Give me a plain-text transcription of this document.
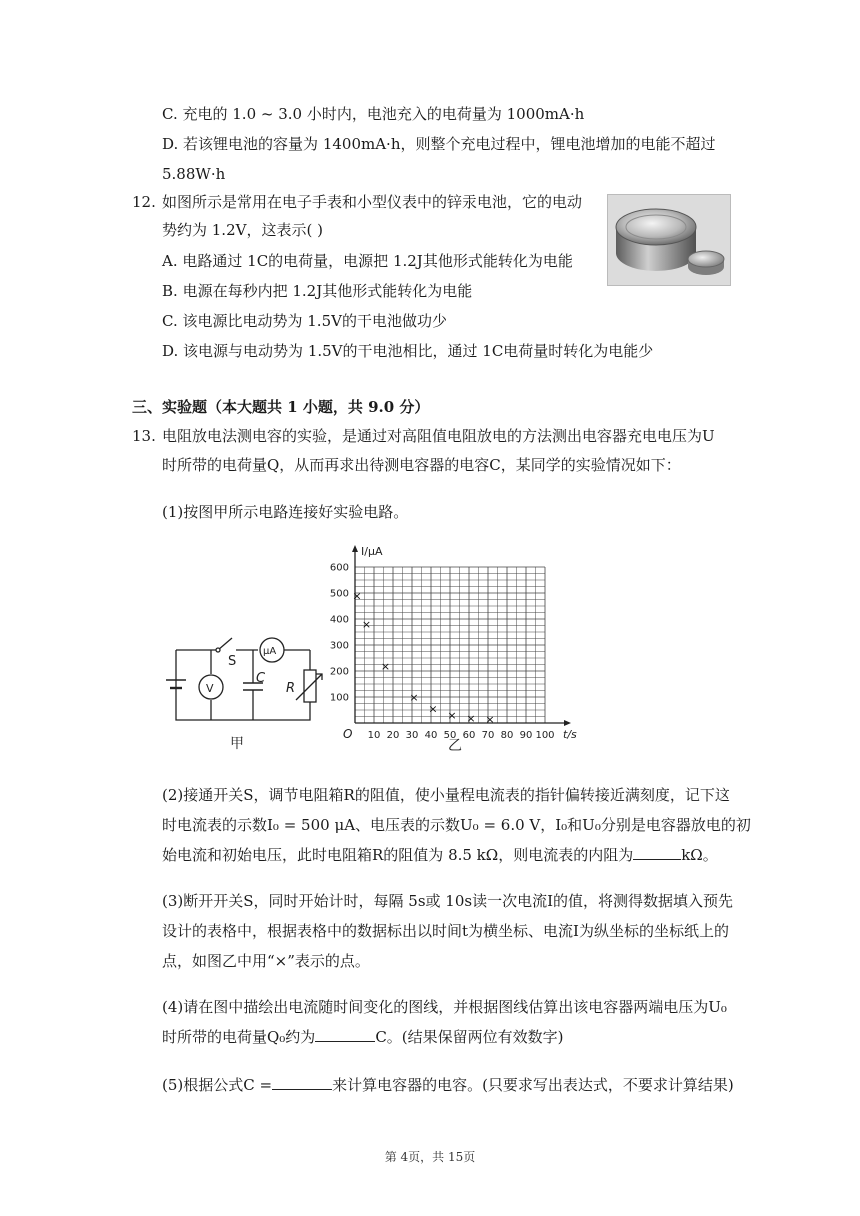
C. 充电的 1.0 ~ 3.0 小时内，电池充入的电荷量为 1000mA·h
D. 若该锂电池的容量为 1400mA·h，则整个充电过程中，锂电池增加的电能不超过
5.88W·h
12. 如图所示是常用在电子手表和小型仪表中的锌汞电池，它的电动
势约为 1.2V，这表示( )
A. 电路通过 1C的电荷量，电源把 1.2J其他形式能转化为电能
B. 电源在每秒内把 1.2J其他形式能转化为电能
C. 该电源比电动势为 1.5V的干电池做功少
D. 该电源与电动势为 1.5V的干电池相比，通过 1C电荷量时转化为电能少
三、实验题（本大题共 1 小题，共 9.0 分）
13. 电阻放电法测电容的实验，是通过对高阻值电阻放电的方法测出电容器充电电压为U
时所带的电荷量Q，从而再求出待测电容器的电容C，某同学的实验情况如下：
(1)按图甲所示电路连接好实验电路。
S
V
μA
C
R
甲
10 20 30 40 50 60 70 80 90 100
100
200
300
400
500
600
×
×
×
×
× × × ×
I/μA
t/s
O
乙
(2)接通开关S，调节电阻箱R的阻值，使小量程电流表的指针偏转接近满刻度，记下这
时电流表的示数I₀ = 500 μA、电压表的示数U₀ = 6.0 V，I₀和U₀分别是电容器放电的初
始电流和初始电压，此时电阻箱R的阻值为 8.5 kΩ，则电流表的内阻为	kΩ。
(3)断开开关S，同时开始计时，每隔 5s或 10s读一次电流I的值，将测得数据填入预先
设计的表格中，根据表格中的数据标出以时间t为横坐标、电流I为纵坐标的坐标纸上的
点，如图乙中用“×”表示的点。
(4)请在图中描绘出电流随时间变化的图线，并根据图线估算出该电容器两端电压为U₀
时所带的电荷量Q₀约为	C。(结果保留两位有效数字)
(5)根据公式C =	来计算电容器的电容。(只要求写出表达式，不要求计算结果)
第 4页，共 15页
